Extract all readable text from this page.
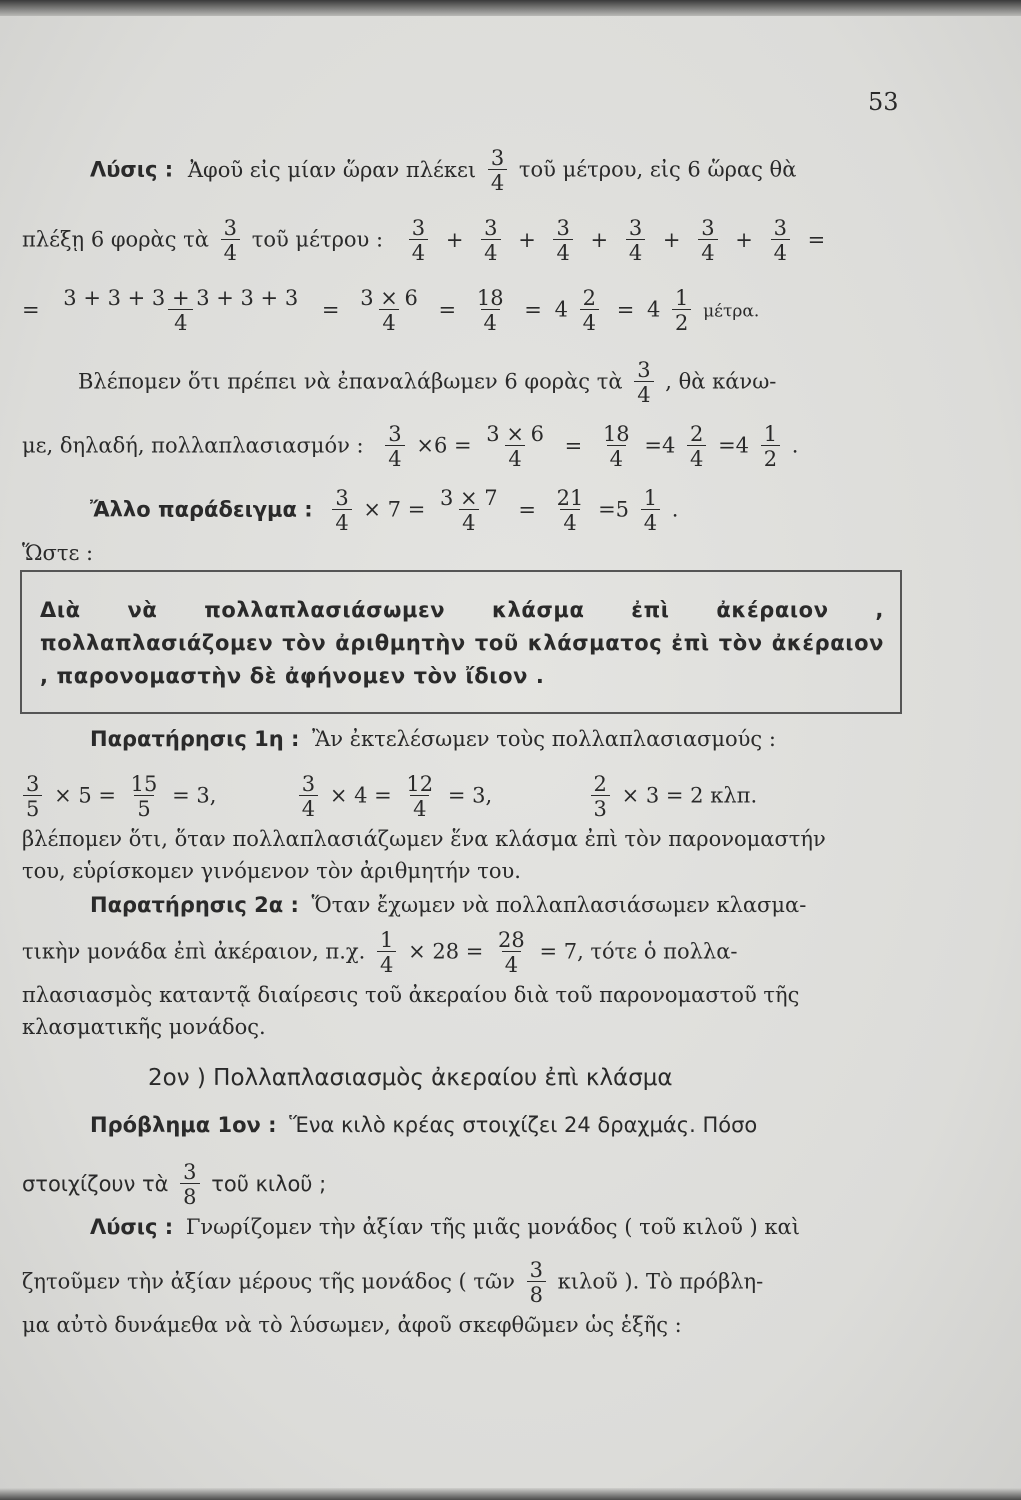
53
Λύσις : Ἀφοῦ εἰς μίαν ὥραν πλέκει $\frac{3}{4}$ τοῦ μέτρου, εἰς 6 ὥρας θὰ
πλέξῃ 6 φορὰς τὰ $\frac{3}{4}$ τοῦ μέτρου : $\frac{3}{4} + \frac{3}{4} + \frac{3}{4} + \frac{3}{4} + \frac{3}{4} + \frac{3}{4}$ =
= $\frac{3 + 3 + 3 + 3 + 3 + 3}{4} = \frac{3 \times 6}{4} = \frac{18}{4} = 4 \frac{2}{4} = 4 \frac{1}{2} \mu έ\tau\rho\alpha$.
Βλέπομεν ὅτι πρέπει νὰ ἐπαναλάβωμεν 6 φορὰς τὰ $\frac{3}{4}$ , θὰ κάνω-
με, δηλαδή, πολλαπλασιασμόν : $\frac{3}{4} \times 6 = \frac{3 \times 6}{4} = \frac{18}{4} =4 \frac{2}{4} =4 \frac{1}{2}$ .
Ἄλλο παράδειγμα : $\frac{3}{4} \times 7 = \frac{3 \times 7}{4} = \frac{21}{4} =5 \frac{1}{4}$ .
Ὥστε :

Διὰ νὰ πολλαπλασιάσωμεν κλάσμα ἐπὶ ἀκέραιον , πολλαπλασιάζομεν τὸν ἀριθμητὴν τοῦ κλάσματος ἐπὶ τὸν ἀκέραιον , παρονομαστὴν δὲ ἀφήνομεν τὸν ἴδιον .

Παρατήρησις 1η : Ἂν ἐκτελέσωμεν τοὺς πολλαπλασιασμούς :
$\frac{3}{5} \times 5 = \frac{15}{5} = 3$,	$\frac{3}{4} \times 4 = \frac{12}{4} = 3$,	$\frac{2}{3} \times 3 = 2$ κλπ.
βλέπομεν ὅτι, ὅταν πολλαπλασιάζωμεν ἕνα κλάσμα ἐπὶ τὸν παρονομαστήν
του, εὑρίσκομεν γινόμενον τὸν ἀριθμητήν του.
Παρατήρησις 2α : Ὅταν ἔχωμεν νὰ πολλαπλασιάσωμεν κλασμα-
τικὴν μονάδα ἐπὶ ἀκέραιον, π.χ. $\frac{1}{4} \times 28 = \frac{28}{4} = 7$, τότε ὁ πολλα-
πλασιασμὸς καταντᾷ διαίρεσις τοῦ ἀκεραίου διὰ τοῦ παρονομαστοῦ τῆς
κλασματικῆς μονάδος.
2ον ) Πολλαπλασιασμὸς ἀκεραίου ἐπὶ κλάσμα
Πρόβλημα 1ον : Ἕνα κιλὸ κρέας στοιχίζει 24 δραχμάς. Πόσο
στοιχίζουν τὰ $\frac{3}{8}$ τοῦ κιλοῦ ;
Λύσις : Γνωρίζομεν τὴν ἀξίαν τῆς μιᾶς μονάδος ( τοῦ κιλοῦ ) καὶ
ζητοῦμεν τὴν ἀξίαν μέρους τῆς μονάδος ( τῶν $\frac{3}{8}$ κιλοῦ ). Τὸ πρόβλη-
μα αὐτὸ δυνάμεθα νὰ τὸ λύσωμεν, ἀφοῦ σκεφθῶμεν ὡς ἑξῆς :
